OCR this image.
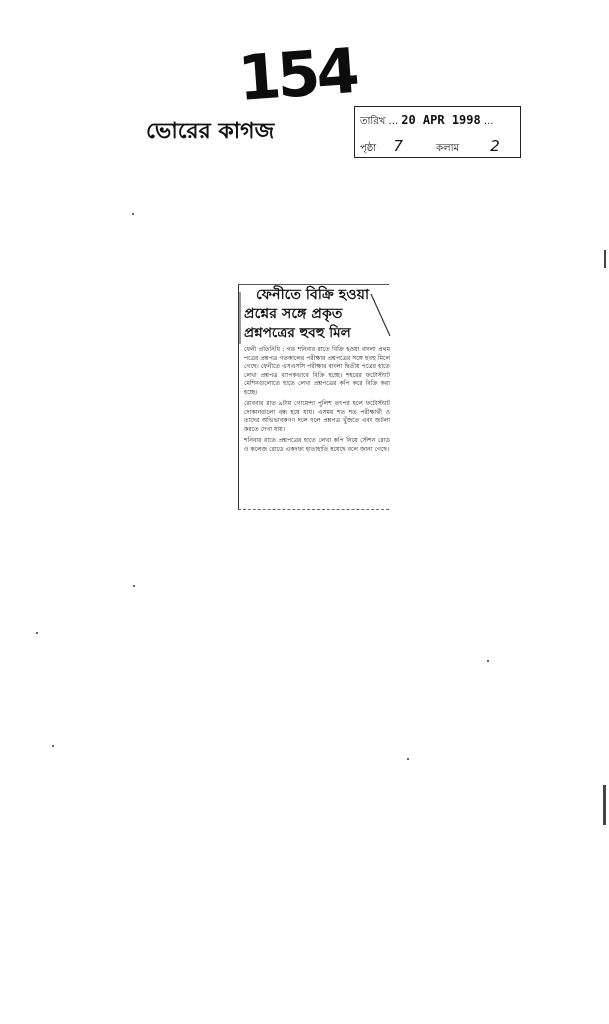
154
ভোরের কাগজ	তারিখ ... 20 APR 1998 ...
পৃষ্ঠা 7	কলাম 2
ফেনীতে বিক্রি হওয়া
প্রশ্নের সঙ্গে প্রকৃত
প্রশ্নপত্রের হুবহু মিল

ফেনী প্রতিনিধি : গত শনিবার রাতে বিক্রি হওয়া বাংলা প্রথম পত্রের প্রশ্নপত্র গতকালের পরীক্ষার প্রশ্নপত্রের সঙ্গে হুবহু মিলে গেছে। ফেনীতে এসএসসি পরীক্ষার বাংলা দ্বিতীয় পত্রের হাতে লেখা প্রশ্নপত্র ব্যাপকভাবে বিক্রি হচ্ছে। শহরের ফটোস্ট্যাট মেশিনগুলোতে হাতে লেখা প্রশ্নপত্রের কপি করে বিক্রি করা হচ্ছে।

রোববার রাত ৯টায় গোয়েন্দা পুলিশ তৎপর হলে ফটোস্ট্যাট দোকানগুলো বন্ধ হয়ে যায়। এসময় শত শত পরীক্ষার্থী ও তাদের অভিভাবকগণ দলে দলে প্রশ্নপত্র খুঁজতে এবং জটলা করতে দেখা যায়।

শনিবার রাতে প্রশ্নপত্রের হাতে লেখা কপি নিয়ে স্টেশন রোড ও কলেজ রোডে একদফা হাতাহাতি হয়েছে বলে জানা গেছে।
